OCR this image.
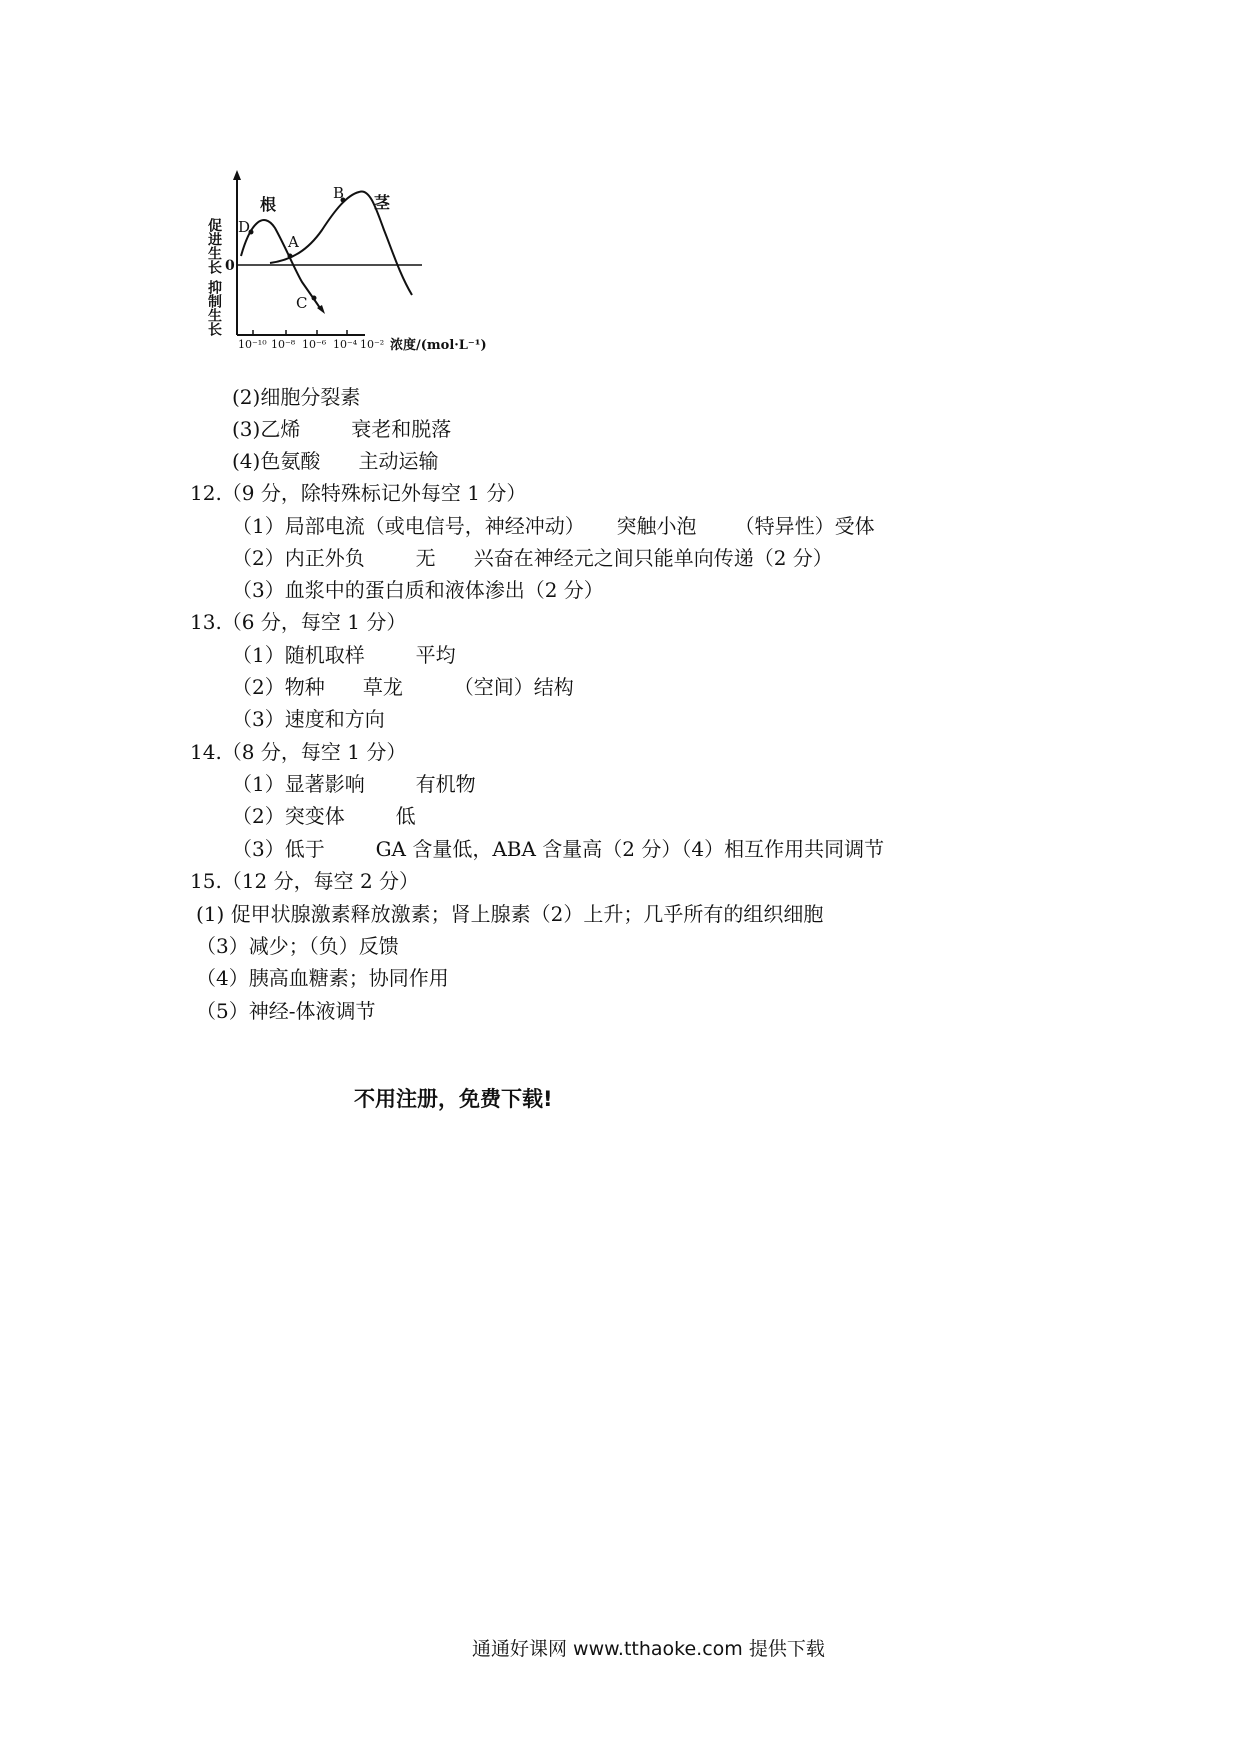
促进生长
抑制生长
0
D
根
A
B 茎
C
10⁻¹⁰ 10⁻⁸ 10⁻⁶ 10⁻⁴ 10⁻² 浓度/(mol·L⁻¹)
(2)细胞分裂素
(3)乙烯        衰老和脱落
(4)色氨酸      主动运输
12.（9 分，除特殊标记外每空 1 分）
（1）局部电流（或电信号，神经冲动）     突触小泡      （特异性）受体
（2）内正外负        无      兴奋在神经元之间只能单向传递（2 分）
（3）血浆中的蛋白质和液体渗出（2 分）
13.（6 分，每空 1 分）
（1）随机取样        平均
（2）物种      草龙        （空间）结构
（3）速度和方向
14.（8 分，每空 1 分）
（1）显著影响        有机物
（2）突变体        低
（3）低于        GA 含量低，ABA 含量高（2 分）（4）相互作用共同调节
15.（12 分，每空 2 分）
(1) 促甲状腺激素释放激素；肾上腺素（2）上升；几乎所有的组织细胞
（3）减少；（负）反馈
（4）胰高血糖素；协同作用
（5）神经-体液调节
不用注册，免费下载!
通通好课网 www.tthaoke.com 提供下载
